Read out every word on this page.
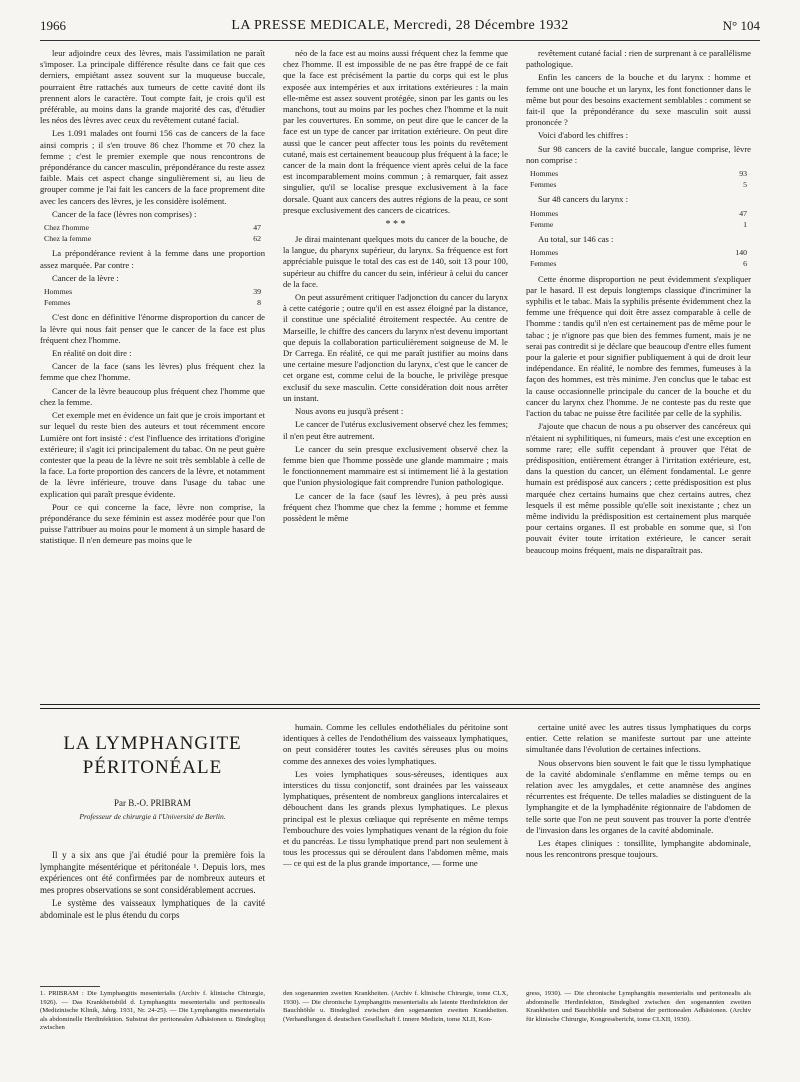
1966	LA PRESSE MEDICALE, Mercredi, 28 Décembre 1932	N° 104

leur adjoindre ceux des lèvres, mais l'assimilation ne paraît s'imposer. La principale différence résulte dans ce fait que ces derniers, empiétant assez souvent sur la muqueuse buccale, pourraient être rattachés aux tumeurs de cette cavité dont ils prennent alors le caractère. Tout compte fait, je crois qu'il est préférable, au moins dans la grande majorité des cas, d'étudier les néos des lèvres avec ceux du revêtement cutané facial.

Les 1.091 malades ont fourni 156 cas de cancers de la face ainsi compris ; il s'en trouve 86 chez l'homme et 70 chez la femme ; c'est le premier exemple que nous rencontrons de prépondérance du cancer masculin, prépondérance du reste assez faible. Mais cet aspect change singulièrement si, au lieu de grouper comme je l'ai fait les cancers de la face proprement dite avec les cancers des lèvres, je les considère isolément.

Cancer de la face (lèvres non comprises) :

Chez l'homme	47
Chez la femme	62

La prépondérance revient à la femme dans une proportion assez marquée. Par contre :

Cancer de la lèvre :

Hommes	39
Femmes	8

C'est donc en définitive l'énorme disproportion du cancer de la lèvre qui nous fait penser que le cancer de la face est plus fréquent chez l'homme.

En réalité on doit dire :

Cancer de la face (sans les lèvres) plus fréquent chez la femme que chez l'homme.

Cancer de la lèvre beaucoup plus fréquent chez l'homme que chez la femme.

Cet exemple met en évidence un fait que je crois important et sur lequel du reste bien des auteurs et tout récemment encore Lumière ont fort insisté : c'est l'influence des irritations d'origine extérieure; il s'agit ici principalement du tabac. On ne peut guère contester que la peau de la lèvre ne soit très semblable à celle de la face. La forte proportion des cancers de la lèvre, et notamment de la lèvre inférieure, trouve dans l'usage du tabac une explication qui paraît presque évidente.

Pour ce qui concerne la face, lèvre non comprise, la prépondérance du sexe féminin est assez modérée pour que l'on puisse l'attribuer au moins pour le moment à un simple hasard de statistique. Il n'en demeure pas moins que le

néo de la face est au moins aussi fréquent chez la femme que chez l'homme. Il est impossible de ne pas être frappé de ce fait que la face est précisément la partie du corps qui est le plus exposée aux intempéries et aux irritations extérieures : la main elle-même est assez souvent protégée, sinon par les gants ou les manchons, tout au moins par les poches chez l'homme et la nuit par les couvertures. En somme, on peut dire que le cancer de la face est un type de cancer par irritation extérieure. On peut dire aussi que le cancer peut affecter tous les points du revêtement cutané, mais est certainement beaucoup plus fréquent à la face; le cancer de la main dont la fréquence vient après celui de la face est incomparablement moins commun ; à remarquer, fait assez singulier, qu'il se localise presque exclusivement à la face dorsale. Quant aux cancers des autres régions de la peau, ce sont presque exclusivement des cancers de cicatrices.

* * *

Je dirai maintenant quelques mots du cancer de la bouche, de la langue, du pharynx supérieur, du larynx. Sa fréquence est fort appréciable puisque le total des cas est de 140, soit 13 pour 100, supérieur au chiffre du cancer du sein, inférieur à celui du cancer de la face.

On peut assurément critiquer l'adjonction du cancer du larynx à cette catégorie ; outre qu'il en est assez éloigné par la distance, il constitue une spécialité étroitement respectée. Au centre de Marseille, le chiffre des cancers du larynx n'est devenu important que depuis la collaboration particulièrement soigneuse de M. le Dr Carrega. En réalité, ce qui me paraît justifier au moins dans une certaine mesure l'adjonction du larynx, c'est que le cancer de cet organe est, comme celui de la bouche, le privilège presque exclusif du sexe masculin. Cette considération doit nous arrêter un instant.

Nous avons eu jusqu'à présent :

Le cancer de l'utérus exclusivement observé chez les femmes; il n'en peut être autrement.

Le cancer du sein presque exclusivement observé chez la femme bien que l'homme possède une glande mammaire ; mais le fonctionnement mammaire est si intimement lié à la gestation que l'union physiologique fait comprendre l'union pathologique.

Le cancer de la face (sauf les lèvres), à peu près aussi fréquent chez l'homme que chez la femme ; homme et femme possèdent le même

revêtement cutané facial : rien de surprenant à ce parallélisme pathologique.

Enfin les cancers de la bouche et du larynx : homme et femme ont une bouche et un larynx, les font fonctionner dans le même but pour des besoins exactement semblables : comment se fait-il que la prépondérance du sexe masculin soit aussi prononcée ?

Voici d'abord les chiffres :

Sur 98 cancers de la cavité buccale, langue comprise, lèvre non comprise :

Hommes	93
Femmes	5

Sur 48 cancers du larynx :

Hommes	47
Femme	1

Au total, sur 146 cas :

Hommes	140
Femmes	6

Cette énorme disproportion ne peut évidemment s'expliquer par le hasard. Il est depuis longtemps classique d'incriminer la syphilis et le tabac. Mais la syphilis présente évidemment chez la femme une fréquence qui doit être assez comparable à celle de l'homme : tandis qu'il n'en est certainement pas de même pour le tabac ; je n'ignore pas que bien des femmes fument, mais je ne serai pas contredit si je déclare que beaucoup d'entre elles fument pour la galerie et pour signifier publiquement à qui de droit leur indépendance. En réalité, le nombre des femmes, fumeuses à la façon des hommes, est très minime. J'en conclus que le tabac est la cause occasionnelle principale du cancer de la bouche et du cancer du larynx chez l'homme. Je ne conteste pas du reste que l'action du tabac ne puisse être facilitée par celle de la syphilis.

J'ajoute que chacun de nous a pu observer des cancéreux qui n'étaient ni syphilitiques, ni fumeurs, mais c'est une exception en somme rare; elle suffit cependant à prouver que l'état de prédisposition, entièrement étranger à l'irritation extérieure, est, dans la question du cancer, un élément fondamental. Le genre humain est prédisposé aux cancers ; cette prédisposition est plus marquée chez certains humains que chez certains autres, chez lesquels il est même possible qu'elle soit inexistante ; chez un même individu la prédisposition est certainement plus marquée pour certains organes. Il est probable en somme que, si l'on pouvait éviter toute irritation extérieure, le cancer serait beaucoup moins fréquent, mais ne disparaîtrait pas.

LA LYMPHANGITE
PÉRITONÉALE
Par B.-O. PRIBRAM
Professeur de chirurgie à l'Université de Berlin.

Il y a six ans que j'ai étudié pour la première fois la lymphangite mésentérique et péritonéale ¹. Depuis lors, mes expériences ont été confirmées par de nombreux auteurs et mes propres observations se sont considérablement accrues.

Le système des vaisseaux lymphatiques de la cavité abdominale est le plus étendu du corps

humain. Comme les cellules endothéliales du péritoine sont identiques à celles de l'endothélium des vaisseaux lymphatiques, on peut considérer toutes les cavités séreuses plus ou moins comme des annexes des voies lymphatiques.

Les voies lymphatiques sous-séreuses, identiques aux interstices du tissu conjonctif, sont drainées par les vaisseaux lymphatiques, présentent de nombreux ganglions intercalaires et débouchent dans les grands plexus lymphatiques. Le plexus principal est le plexus cœliaque qui représente en même temps l'embouchure des voies lymphatiques venant de la région du foie et du pancréas. Le tissu lymphatique prend part non seulement à tous les processus qui se déroulent dans l'abdomen même, mais — ce qui est de la plus grande importance, — forme une

certaine unité avec les autres tissus lymphatiques du corps entier. Cette relation se manifeste surtout par une atteinte simultanée dans l'évolution de certaines infections.

Nous observons bien souvent le fait que le tissu lymphatique de la cavité abdominale s'enflamme en même temps ou en relation avec les amygdales, et cette anamnèse des angines récurrentes est fréquente. De telles maladies se distinguent de la lymphangite et de la lymphadénite régionnaire de l'abdomen de telle sorte que l'on ne peut souvent pas trouver la porte d'entrée de l'invasion dans les organes de la cavité abdominale.

Les étapes cliniques : tonsillite, lymphangite abdominale, nous les rencontrons presque toujours.

1. PRIBRAM : Die Lymphangitis mesenterialis (Archiv f. klinische Chirurgie, 1926). — Das Krankheitsbild d. Lymphangitis mesenterialis und peritonealis (Medizinische Klinik, Jahrg. 1931, Nr. 24-25). — Die Lymphangitis mesenterialis als abdominelle Herdinfektion. Substrat der peritonealen Adhäsionen u. Bindegliед zwischen
den sogenannten zweiten Krankheiten. (Archiv f. klinische Chirurgie, tome CLX, 1930). — Die chronische Lymphangitis mesenterialis als latente Herdinfektion der Bauchhöhle u. Bindeglied zwischen den sogenannten zweiten Krankheiten. (Verhandlungen d. deutschen Gesellschaft f. innere Medizin, tome XLII, Kon-
gress, 1930). — Die chronische Lymphangitis mesenterialis und peritonealis als abdominelle Herdinfektion, Bindeglied zwischen den sogenannten zweiten Krankheiten und Bauchhöhle und Substrat der peritonealen Adhäsionen. (Archiv für klinische Chirurgie, Kongressbericht, tome CLXII, 1930).
